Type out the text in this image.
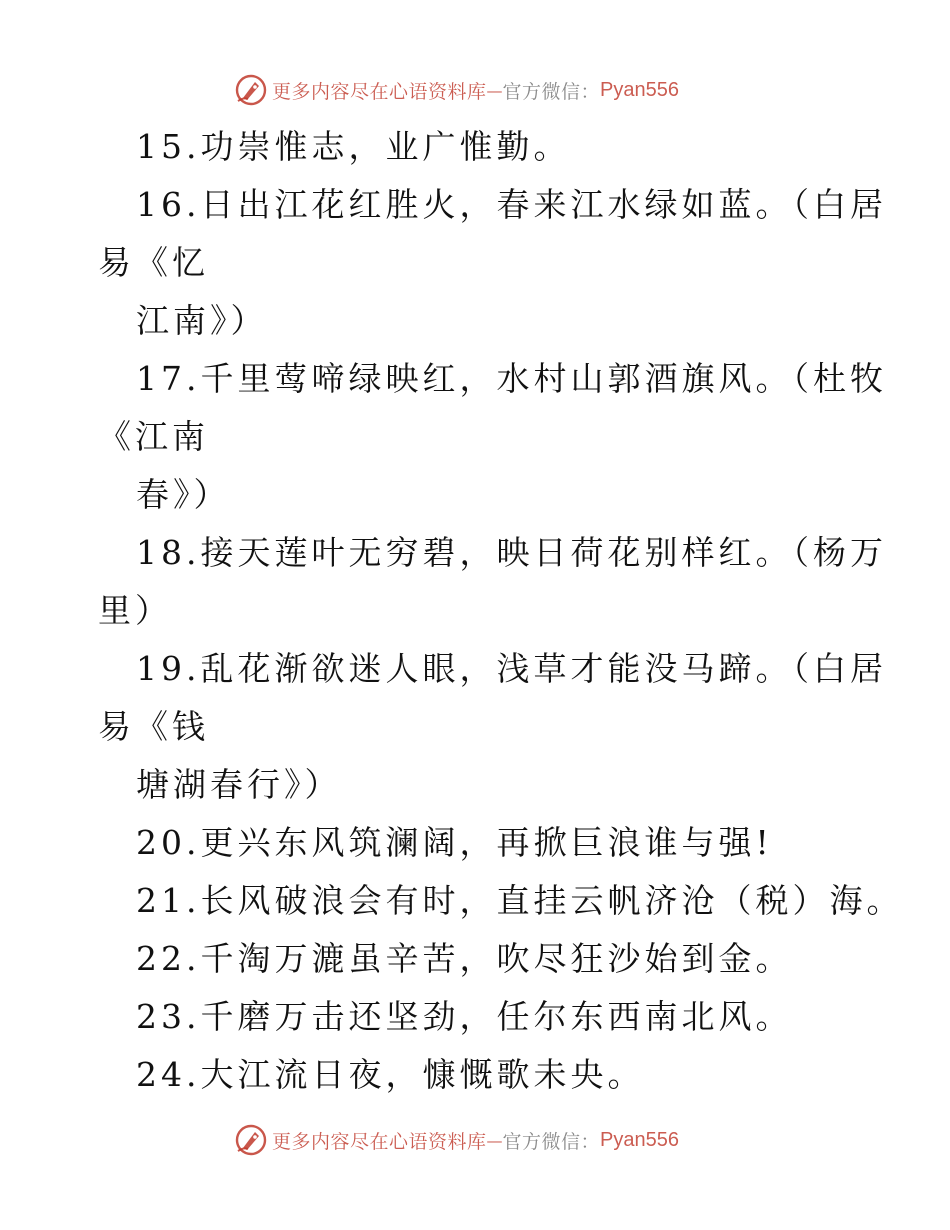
更多内容尽在心语资料库 — 官方微信： Pyan556
15.功崇惟志，业广惟勤。
16.日出江花红胜火，春来江水绿如蓝。（白居
易《忆
江南》）
17.千里莺啼绿映红，水村山郭酒旗风。（杜牧
《江南
春》）
18.接天莲叶无穷碧，映日荷花别样红。（杨万
里）
19.乱花渐欲迷人眼，浅草才能没马蹄。（白居
易《钱
塘湖春行》）
20.更兴东风筑澜阔，再掀巨浪谁与强!
21.长风破浪会有时，直挂云帆济沧（税）海。
22.千淘万漉虽辛苦，吹尽狂沙始到金。
23.千磨万击还坚劲，任尔东西南北风。
24.大江流日夜，慷慨歌未央。
更多内容尽在心语资料库 — 官方微信： Pyan556
